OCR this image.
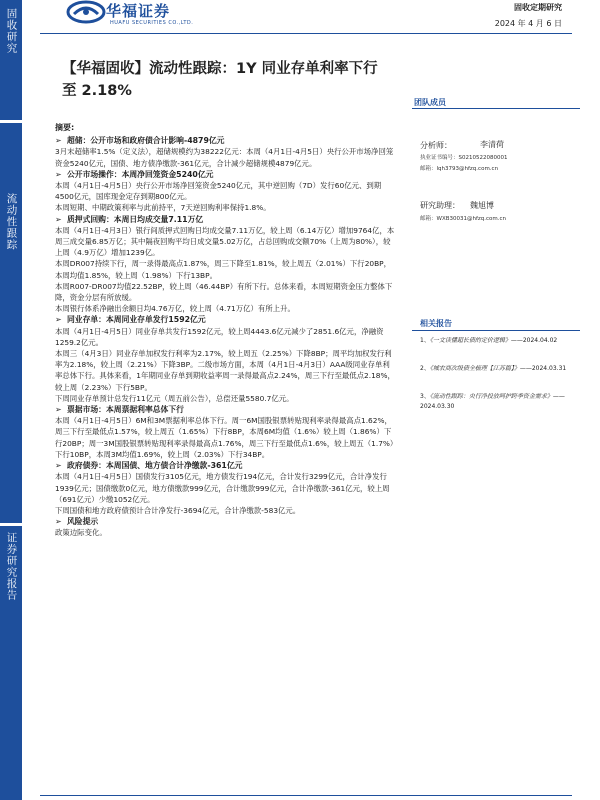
固收研究
流动性跟踪
证券研究报告
华福证券
HUAFU SECURITIES CO.,LTD.
固收定期研究
2024 年 4 月 6 日
【华福固收】流动性跟踪：1Y 同业存单利率下行至 2.18%
团队成员
分析师：	李清荷
执业证书编号：S0210522080001
邮箱：lqh3793@hfzq.com.cn
研究助理： 魏旭博
邮箱：WXB30031@hfzq.com.cn
相关报告
1、《一文读懂超长债的定价逻辑》——2024.04.02
2、《城农商次级债全梳理【江苏篇】》——2024.03.31
3、《流动性跟踪：央行净投放呵护跨季资金需求》——2024.03.30
摘要:
➢ 超储：公开市场和政府债合计影响-4879亿元

3月末超储率1.5%（定义法），超储规模约为38222亿元：本周（4月1日-4月5日）央行公开市场净回笼资金5240亿元，国债、地方债净缴款-361亿元，合计减少超储规模4879亿元。

➢ 公开市场操作：本周净回笼资金5240亿元

本周（4月1日-4月5日）央行公开市场净回笼资金5240亿元，其中逆回购（7D）发行60亿元、到期4500亿元，国库现金定存到期800亿元。

本周短期、中期政策利率与此前持平，7天逆回购利率保持1.8%。

➢ 质押式回购：本周日均成交量7.11万亿

本周（4月1日-4月3日）银行间质押式回购日均成交量7.11万亿，较上周（6.14万亿）增加9764亿，本周三成交量6.85万亿；其中隔夜回购平均日成交量5.02万亿，占总回购成交额70%（上周为80%），较上周（4.9万亿）增加1239亿。

本周DR007持续下行，周一录得最高点1.87%，周三下降至1.81%，较上周五（2.01%）下行20BP，本周均值1.85%，较上周（1.98%）下行13BP。

本周R007-DR007均值22.52BP，较上周（46.44BP）有所下行。总体来看，本周短期资金压力整体下降，资金分层有所放缓。

本周银行体系净融出余额日均4.76万亿，较上周（4.71万亿）有所上升。

➢ 同业存单：本周同业存单发行1592亿元

本周（4月1日-4月5日）同业存单共发行1592亿元，较上周4443.6亿元减少了2851.6亿元，净融资1259.2亿元。

本周三（4月3日）同业存单加权发行利率为2.17%，较上周五（2.25%）下降8BP；周平均加权发行利率为2.18%，较上周（2.21%）下降3BP。二级市场方面，本周（4月1日-4月3日）AAA级同业存单利率总体下行。具体来看，1年期同业存单到期收益率周一录得最高点2.24%，周三下行至最低点2.18%，较上周（2.23%）下行5BP。

下周同业存单预计总发行11亿元（周五前公告），总偿还量5580.7亿元。

➢ 票据市场：本周票据利率总体下行

本周（4月1日-4月5日）6M和3M票据利率总体下行。周一6M国股银票转贴现利率录得最高点1.62%，周三下行至最低点1.57%，较上周五（1.65%）下行8BP，本周6M均值（1.6%）较上周（1.86%）下行20BP；周一3M国股银票转贴现利率录得最高点1.76%，周三下行至最低点1.6%，较上周五（1.7%）下行10BP，本周3M均值1.69%，较上周（2.03%）下行34BP。

➢ 政府债券：本周国债、地方债合计净缴款-361亿元

本周（4月1日-4月5日）国债发行3105亿元，地方债发行194亿元，合计发行3299亿元，合计净发行1939亿元；国债缴款0亿元，地方债缴款999亿元，合计缴款999亿元，合计净缴款-361亿元，较上周（691亿元）少缴1052亿元。

下周国债和地方政府债预计合计净发行-3694亿元，合计净缴款-583亿元。

➢ 风险提示

政策边际变化。
